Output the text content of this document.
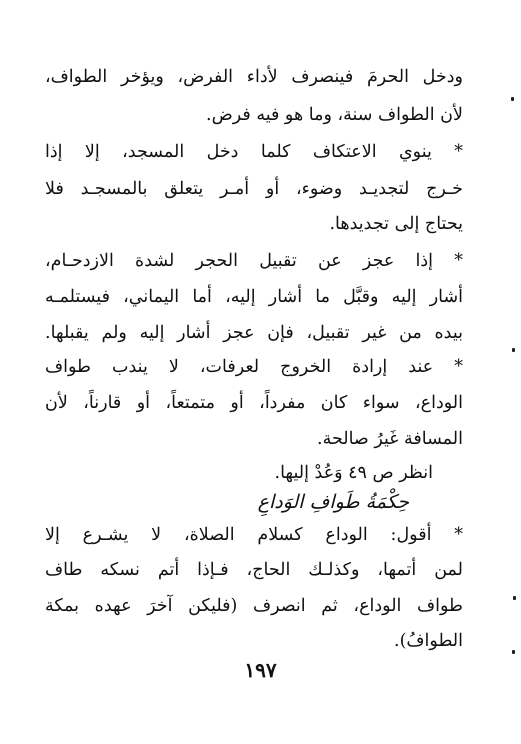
ودخل الحرمَ فينصرف لأداء الفرض، ويؤخر الطواف،
لأن الطواف سنة، وما هو فيه فرض.
* ينوي الاعتكاف كلما دخل المسجد، إلا إذا
خـرج لتجديـد وضوء، أو أمـر يتعلق بالمسجـد فلا
يحتاج إلى تجديدها.
* إذا عجز عن تقبيل الحجر لشدة الازدحـام،
أشار إليه وقبَّل ما أشار إليه، أما اليماني، فيستلمـه
بيده من غير تقبيل، فإن عجز أشار إليه ولم يقبلها.
* عند إرادة الخروج لعرفات، لا يندب طواف
الوداع، سواء كان مفرداً، أو متمتعاً، أو قارناً، لأن
المسافة غَيرُ صالحة.
انظر ص ٤٩ وَعُدْ إليها.
حِكْمَةُ طَوافِ الوَداعِ
* أقول: الوداع كسلام الصلاة، لا يشـرع إلا
لمن أتمها، وكذلـك الحاج، فـإذا أتم نسكه طاف
طواف الوداع، ثم انصرف (فليكن آخرَ عهده بمكة
الطوافُ).
١٩٧
